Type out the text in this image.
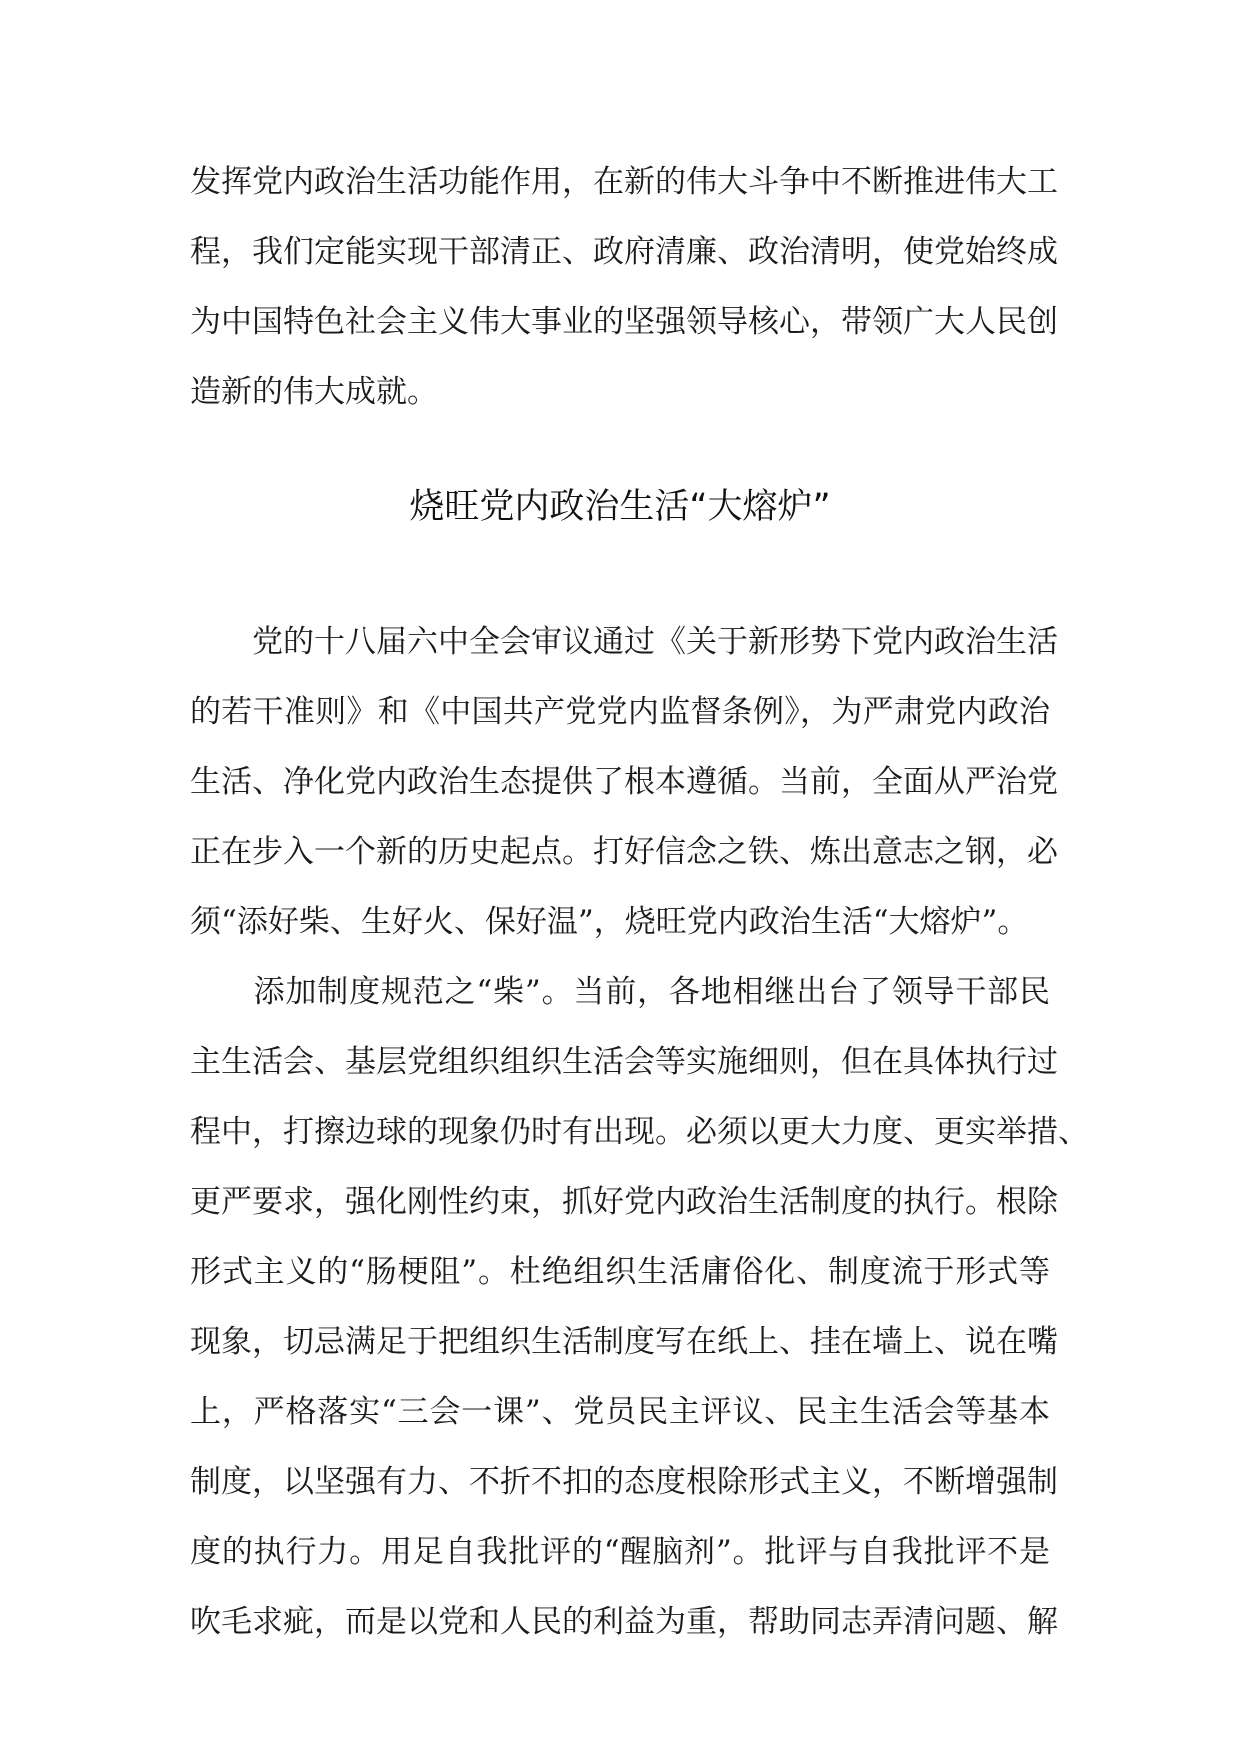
发挥党内政治生活功能作用，在新的伟大斗争中不断推进伟大工
程，我们定能实现干部清正、政府清廉、政治清明，使党始终成
为中国特色社会主义伟大事业的坚强领导核心，带领广大人民创
造新的伟大成就。
烧旺党内政治生活“大熔炉”
　　党的十八届六中全会审议通过《关于新形势下党内政治生活
的若干准则》和《中国共产党党内监督条例》，为严肃党内政治
生活、净化党内政治生态提供了根本遵循。当前，全面从严治党
正在步入一个新的历史起点。打好信念之铁、炼出意志之钢，必
须“添好柴、生好火、保好温”，烧旺党内政治生活“大熔炉”。
　　添加制度规范之“柴”。当前，各地相继出台了领导干部民
主生活会、基层党组织组织生活会等实施细则，但在具体执行过
程中，打擦边球的现象仍时有出现。必须以更大力度、更实举措、
更严要求，强化刚性约束，抓好党内政治生活制度的执行。根除
形式主义的“肠梗阻”。杜绝组织生活庸俗化、制度流于形式等
现象，切忌满足于把组织生活制度写在纸上、挂在墙上、说在嘴
上，严格落实“三会一课”、党员民主评议、民主生活会等基本
制度，以坚强有力、不折不扣的态度根除形式主义，不断增强制
度的执行力。用足自我批评的“醒脑剂”。批评与自我批评不是
吹毛求疵，而是以党和人民的利益为重，帮助同志弄清问题、解
